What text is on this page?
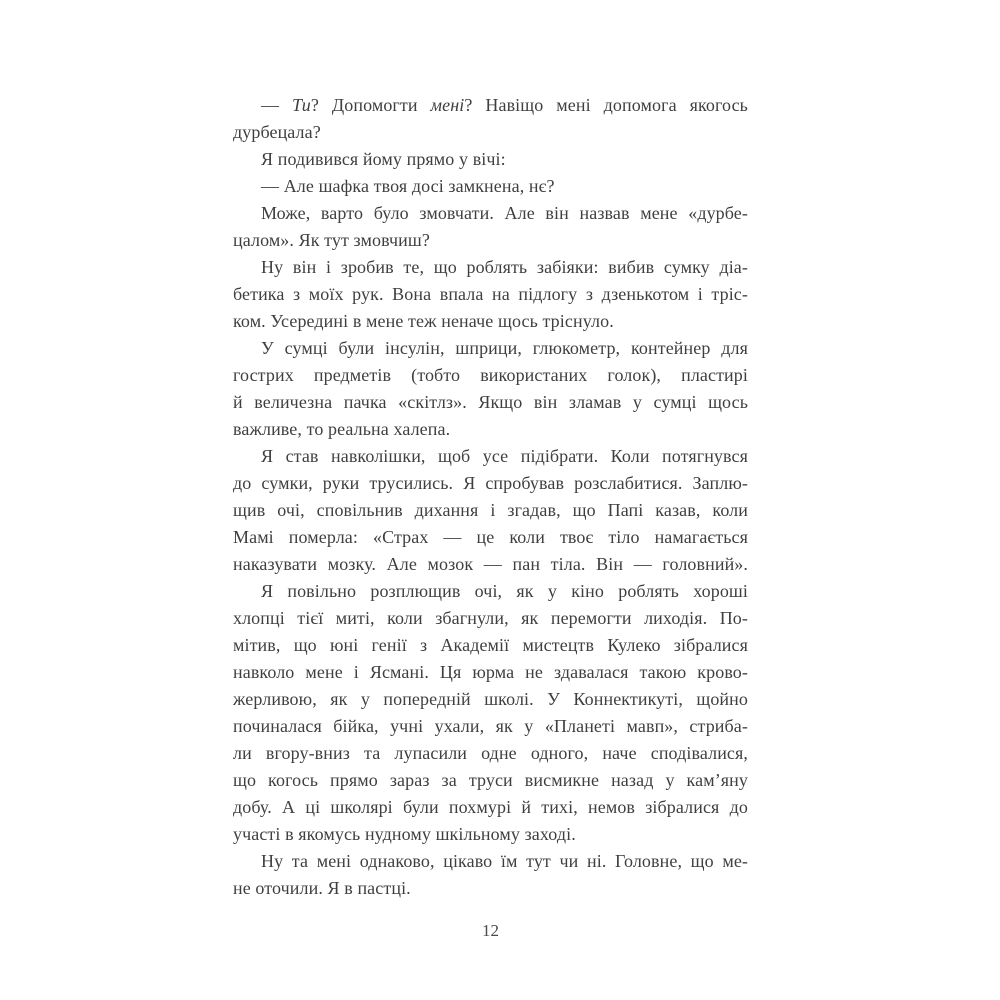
— Ти? Допомогти мені? Навіщо мені допомога якогось
дурбецала?
Я подивився йому прямо у вічі:
— Але шафка твоя досі замкнена, нє?
Може, варто було змовчати. Але він назвав мене «дурбе-
цалом». Як тут змовчиш?
Ну він і зробив те, що роблять забіяки: вибив сумку діа-
бетика з моїх рук. Вона впала на підлогу з дзенькотом і тріс-
ком. Усередині в мене теж неначе щось тріснуло.
У сумці були інсулін, шприци, глюкометр, контейнер для
гострих предметів (тобто використаних голок), пластирі
й величезна пачка «скітлз». Якщо він зламав у сумці щось
важливе, то реальна халепа.
Я став навколішки, щоб усе підібрати. Коли потягнувся
до сумки, руки трусились. Я спробував розслабитися. Заплю-
щив очі, сповільнив дихання і згадав, що Папі казав, коли
Мамі померла: «Страх — це коли твоє тіло намагається
наказувати мозку. Але мозок — пан тіла. Він — головний».
Я повільно розплющив очі, як у кіно роблять хороші
хлопці тієї миті, коли збагнули, як перемогти лиходія. По-
мітив, що юні генії з Академії мистецтв Кулеко зібралися
навколо мене і Ясмані. Ця юрма не здавалася такою крово-
жерливою, як у попередній школі. У Коннектикуті, щойно
починалася бійка, учні ухали, як у «Планеті мавп», стриба-
ли вгору-вниз та лупасили одне одного, наче сподівалися,
що когось прямо зараз за труси висмикне назад у кам’яну
добу. А ці школярі були похмурі й тихі, немов зібралися до
участі в якомусь нудному шкільному заході.
Ну та мені однаково, цікаво їм тут чи ні. Головне, що ме-
не оточили. Я в пастці.
12
